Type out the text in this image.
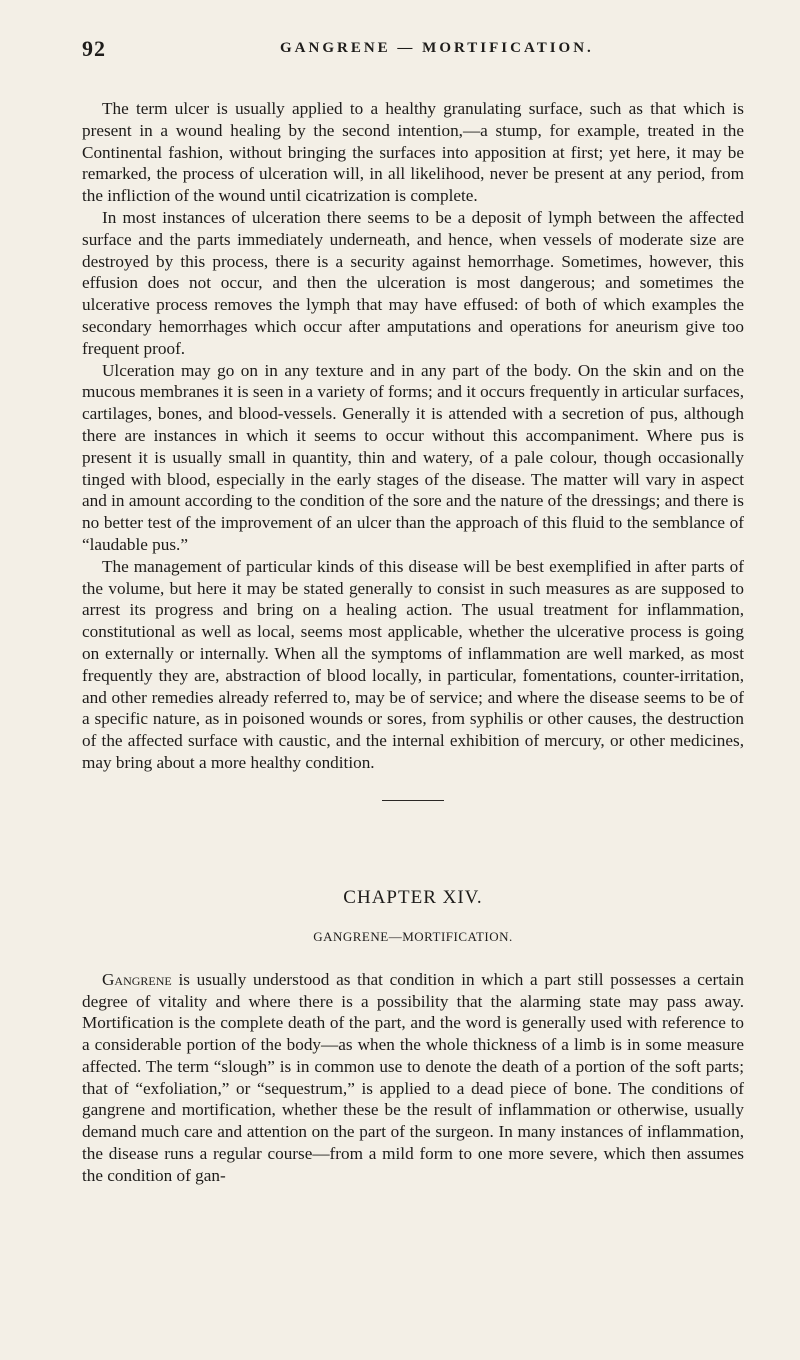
92	GANGRENE — MORTIFICATION.

The term ulcer is usually applied to a healthy granulating surface, such as that which is present in a wound healing by the second intention,—a stump, for example, treated in the Continental fashion, without bringing the surfaces into apposition at first; yet here, it may be remarked, the process of ulceration will, in all likelihood, never be present at any period, from the infliction of the wound until cicatrization is complete.

In most instances of ulceration there seems to be a deposit of lymph between the affected surface and the parts immediately underneath, and hence, when vessels of moderate size are destroyed by this process, there is a security against hemorrhage. Sometimes, however, this effusion does not occur, and then the ulceration is most dangerous; and sometimes the ulcerative process removes the lymph that may have effused: of both of which examples the secondary hemorrhages which occur after amputations and operations for aneurism give too frequent proof.

Ulceration may go on in any texture and in any part of the body. On the skin and on the mucous membranes it is seen in a variety of forms; and it occurs frequently in articular surfaces, cartilages, bones, and blood-vessels. Generally it is attended with a secretion of pus, although there are instances in which it seems to occur without this accompaniment. Where pus is present it is usually small in quantity, thin and watery, of a pale colour, though occasionally tinged with blood, especially in the early stages of the disease. The matter will vary in aspect and in amount according to the condition of the sore and the nature of the dressings; and there is no better test of the improvement of an ulcer than the approach of this fluid to the semblance of “laudable pus.”

The management of particular kinds of this disease will be best exemplified in after parts of the volume, but here it may be stated generally to consist in such measures as are supposed to arrest its progress and bring on a healing action. The usual treatment for inflammation, constitutional as well as local, seems most applicable, whether the ulcerative process is going on externally or internally. When all the symptoms of inflammation are well marked, as most frequently they are, abstraction of blood locally, in particular, fomentations, counter-irritation, and other remedies already referred to, may be of service; and where the disease seems to be of a specific nature, as in poisoned wounds or sores, from syphilis or other causes, the destruction of the affected surface with caustic, and the internal exhibition of mercury, or other medicines, may bring about a more healthy condition.

CHAPTER XIV.
GANGRENE—MORTIFICATION.

Gangrene is usually understood as that condition in which a part still possesses a certain degree of vitality and where there is a possibility that the alarming state may pass away. Mortification is the complete death of the part, and the word is generally used with reference to a considerable portion of the body—as when the whole thickness of a limb is in some measure affected. The term “slough” is in common use to denote the death of a portion of the soft parts; that of “exfoliation,” or “sequestrum,” is applied to a dead piece of bone. The conditions of gangrene and mortification, whether these be the result of inflammation or otherwise, usually demand much care and attention on the part of the surgeon. In many instances of inflammation, the disease runs a regular course—from a mild form to one more severe, which then assumes the condition of gan-
